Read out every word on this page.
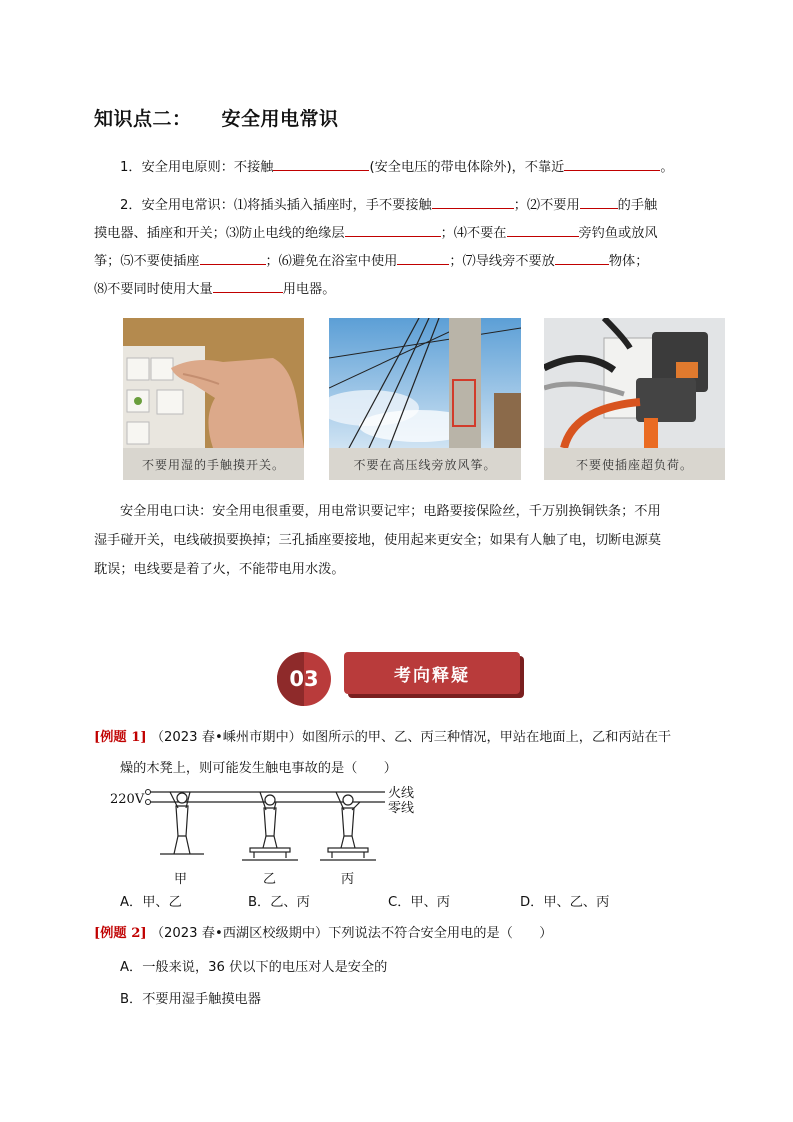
知识点二： 安全用电常识
1．安全用电原则：不接触	(安全电压的带电体除外)，不靠近	。
2．安全用电常识：⑴将插头插入插座时，手不要接触	；⑵不要用	的手触
摸电器、插座和开关；⑶防止电线的绝缘层	；⑷不要在	旁钓鱼或放风
筝；⑸不要使插座	；⑹避免在浴室中使用	；⑺导线旁不要放	物体；
⑻不要同时使用大量	用电器。
不要用湿的手触摸开关。	不要在高压线旁放风筝。	不要使插座超负荷。
安全用电口诀：安全用电很重要，用电常识要记牢；电路要接保险丝，千万别换铜铁条；不用
湿手碰开关，电线破损要换掉；三孔插座要接地，使用起来更安全；如果有人触了电，切断电源莫
耽误；电线要是着了火，不能带电用水泼。
03	考向释疑
[例题 1] （2023 春•嵊州市期中）如图所示的甲、乙、丙三种情况，甲站在地面上，乙和丙站在干
燥的木凳上，则可能发生触电事故的是（　　）
220V	火线
零线
甲	乙	丙
A．甲、乙	B．乙、丙	C．甲、丙	D．甲、乙、丙
[例题 2] （2023 春•西湖区校级期中）下列说法不符合安全用电的是（　　）
A．一般来说，36 伏以下的电压对人是安全的
B．不要用湿手触摸电器
